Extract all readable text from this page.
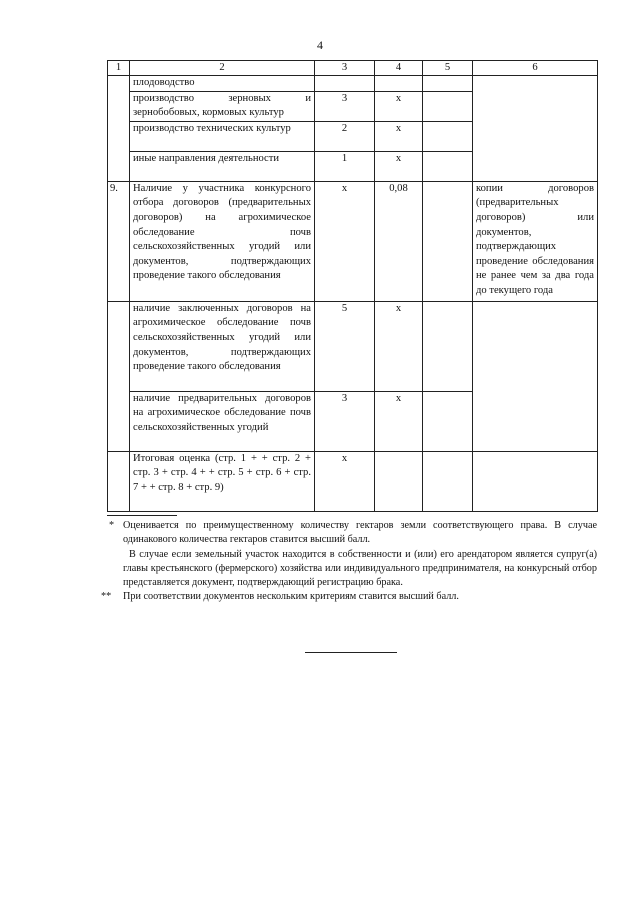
4
1	2	3	4	5	6
	плодоводство				
	производство зерновых и зернобобовых, кормовых культур	3	x		
	производство технических культур	2	x		
	иные направления деятельности	1	x		
9.	Наличие у участника конкурсного отбора договоров (предварительных договоров) на агрохимическое обследование почв сельскохозяйственных угодий или документов, подтверждающих проведение такого обследования	x	0,08		копии договоров (предварительных договоров) или документов, подтверждающих проведение обследования не ранее чем за два года до текущего года
	наличие заключенных договоров на агрохимическое обследование почв сельскохозяйственных угодий или документов, подтверждающих проведение такого обследования	5	x		
	наличие предварительных договоров на агрохимическое обследование почв сельскохозяйственных угодий	3	x		
	Итоговая оценка (стр. 1 + + стр. 2 + стр. 3 + стр. 4 + + стр. 5 + стр. 6 + стр. 7 + + стр. 8 + стр. 9)	x			
* Оценивается по преимущественному количеству гектаров земли соответствующего права. В случае одинакового количества гектаров ставится высший балл.
В случае если земельный участок находится в собственности и (или) его арендатором является супруг(а) главы крестьянского (фермерского) хозяйства или индивидуального предпринимателя, на конкурсный отбор представляется документ, подтверждающий регистрацию брака.
** При соответствии документов нескольким критериям ставится высший балл.
